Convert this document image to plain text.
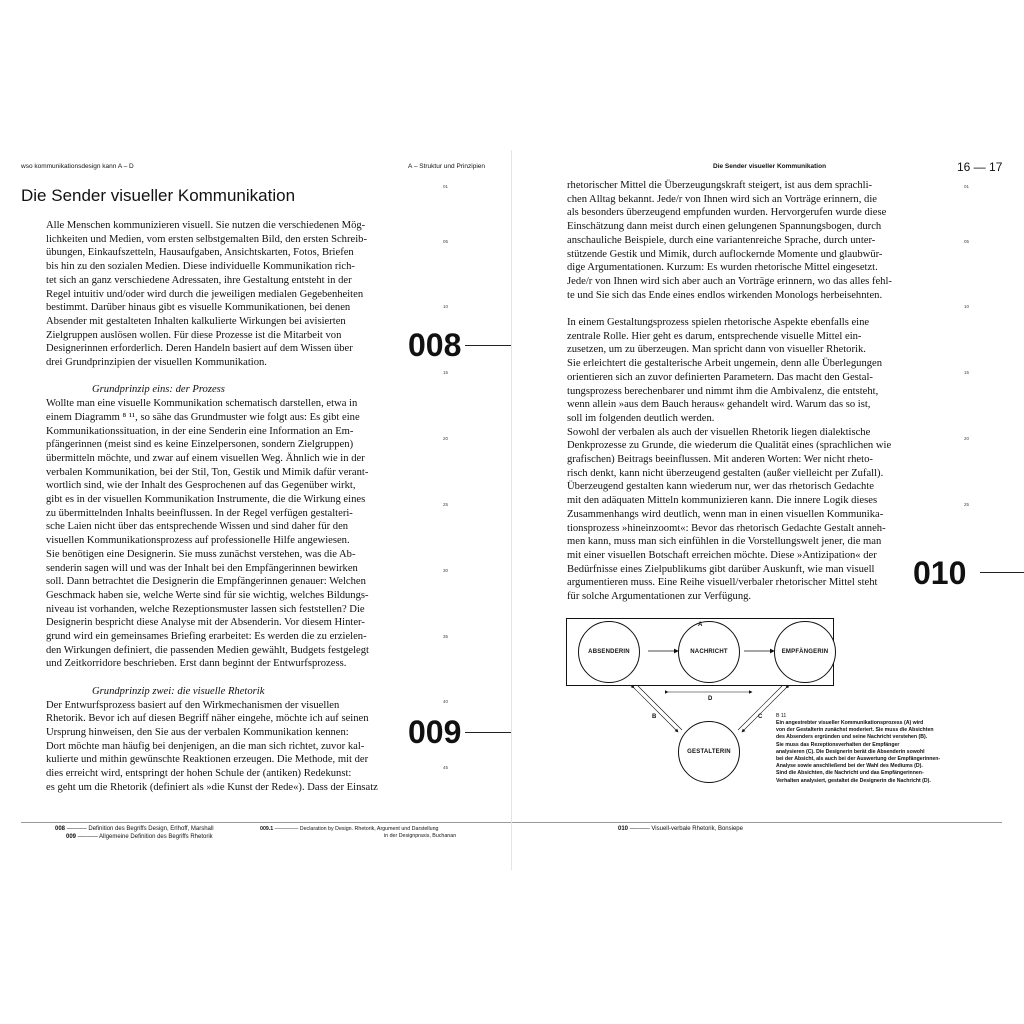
wso kommunikationsdesign kann A – D	A – Struktur und Prinzipien
Die Sender visueller Kommunikation

Alle Menschen kommunizieren visuell. Sie nutzen die verschiedenen Mög-

lichkeiten und Medien, vom ersten selbstgemalten Bild, den ersten Schreib-

übungen, Einkaufszetteln, Hausaufgaben, Ansichtskarten, Fotos, Briefen

bis hin zu den sozialen Medien. Diese individuelle Kommunikation rich-

tet sich an ganz verschiedene Adressaten, ihre Gestaltung entsteht in der

Regel intuitiv und/oder wird durch die jeweiligen medialen Gegebenheiten

bestimmt. Darüber hinaus gibt es visuelle Kommunikationen, bei denen

Absender mit gestalteten Inhalten kalkulierte Wirkungen bei avisierten

Zielgruppen auslösen wollen. Für diese Prozesse ist die Mitarbeit von

Designerinnen erforderlich. Deren Handeln basiert auf dem Wissen über

drei Grundprinzipien der visuellen Kommunikation.

Grundprinzip eins: der Prozess

Wollte man eine visuelle Kommunikation schematisch darstellen, etwa in

einem Diagramm ⁸ ¹¹, so sähe das Grundmuster wie folgt aus: Es gibt eine

Kommunikationssituation, in der eine Senderin eine Information an Em-

pfängerinnen (meist sind es keine Einzelpersonen, sondern Zielgruppen)

übermitteln möchte, und zwar auf einem visuellen Weg. Ähnlich wie in der

verbalen Kommunikation, bei der Stil, Ton, Gestik und Mimik dafür verant-

wortlich sind, wie der Inhalt des Gesprochenen auf das Gegenüber wirkt,

gibt es in der visuellen Kommunikation Instrumente, die die Wirkung eines

zu übermittelnden Inhalts beeinflussen. In der Regel verfügen gestalteri-

sche Laien nicht über das entsprechende Wissen und sind daher für den

visuellen Kommunikationsprozess auf professionelle Hilfe angewiesen.

Sie benötigen eine Designerin. Sie muss zunächst verstehen, was die Ab-

senderin sagen will und was der Inhalt bei den Empfängerinnen bewirken

soll. Dann betrachtet die Designerin die Empfängerinnen genauer: Welchen

Geschmack haben sie, welche Werte sind für sie wichtig, welches Bildungs-

niveau ist vorhanden, welche Rezeptionsmuster lassen sich feststellen? Die

Designerin bespricht diese Analyse mit der Absenderin. Vor diesem Hinter-

grund wird ein gemeinsames Briefing erarbeitet: Es werden die zu erzielen-

den Wirkungen definiert, die passenden Medien gewählt, Budgets festgelegt

und Zeitkorridore beschrieben. Erst dann beginnt der Entwurfsprozess.

Grundprinzip zwei: die visuelle Rhetorik

Der Entwurfsprozess basiert auf den Wirkmechanismen der visuellen

Rhetorik. Bevor ich auf diesen Begriff näher eingehe, möchte ich auf seinen

Ursprung hinweisen, den Sie aus der verbalen Kommunikation kennen:

Dort möchte man häufig bei denjenigen, an die man sich richtet, zuvor kal-

kulierte und mithin gewünschte Reaktionen erzeugen. Die Methode, mit der

dies erreicht wird, entspringt der hohen Schule der (antiken) Redekunst:

es geht um die Rhetorik (definiert als »die Kunst der Rede«). Dass der Einsatz

01
05
10
15
20
25
30
35
40
45
008
009
008 –––––– Definition des Begriffs Design, Erlhoff, Marshall
009 –––––– Allgemeine Definition des Begriffs Rhetorik
009.1 –––––––– Declaration by Design. Rhetorik, Argument und Darstellung
in der Designpraxis, Buchanan
Die Sender visueller Kommunikation	16 — 17

rhetorischer Mittel die Überzeugungskraft steigert, ist aus dem sprachli-

chen Alltag bekannt. Jede/r von Ihnen wird sich an Vorträge erinnern, die

als besonders überzeugend empfunden wurden. Hervorgerufen wurde diese

Einschätzung dann meist durch einen gelungenen Spannungsbogen, durch

anschauliche Beispiele, durch eine variantenreiche Sprache, durch unter-

stützende Gestik und Mimik, durch auflockernde Momente und glaubwür-

dige Argumentationen. Kurzum: Es wurden rhetorische Mittel eingesetzt.

Jede/r von Ihnen wird sich aber auch an Vorträge erinnern, wo das alles fehl-

te und Sie sich das Ende eines endlos wirkenden Monologs herbeisehnten.

In einem Gestaltungsprozess spielen rhetorische Aspekte ebenfalls eine

zentrale Rolle. Hier geht es darum, entsprechende visuelle Mittel ein-

zusetzen, um zu überzeugen. Man spricht dann von visueller Rhetorik.

Sie erleichtert die gestalterische Arbeit ungemein, denn alle Überlegungen

orientieren sich an zuvor definierten Parametern. Das macht den Gestal-

tungsprozess berechenbarer und nimmt ihm die Ambivalenz, die entsteht,

wenn allein »aus dem Bauch heraus« gehandelt wird. Warum das so ist,

soll im folgenden deutlich werden.

Sowohl der verbalen als auch der visuellen Rhetorik liegen dialektische

Denkprozesse zu Grunde, die wiederum die Qualität eines (sprachlichen wie

grafischen) Beitrags beeinflussen. Mit anderen Worten: Wer nicht rheto-

risch denkt, kann nicht überzeugend gestalten (außer vielleicht per Zufall).

Überzeugend gestalten kann wiederum nur, wer das rhetorisch Gedachte

mit den adäquaten Mitteln kommunizieren kann. Die innere Logik dieses

Zusammenhangs wird deutlich, wenn man in einen visuellen Kommunika-

tionsprozess »hineinzoomt«: Bevor das rhetorisch Gedachte Gestalt anneh-

men kann, muss man sich einfühlen in die Vorstellungswelt jener, die man

mit einer visuellen Botschaft erreichen möchte. Diese »Antizipation« der

Bedürfnisse eines Zielpublikums gibt darüber Auskunft, wie man visuell

argumentieren muss. Eine Reihe visuell/verbaler rhetorischer Mittel steht

für solche Argumentationen zur Verfügung.

01
05
10
15
20
25
010
ABSENDERIN	NACHRICHT	EMPFÄNGERIN
GESTALTERIN
A
B	C
D
B 11

Ein angestrebter visueller Kommunikationsprozess (A) wird

von der Gestalterin zunächst moderiert. Sie muss die Absichten

des Absenders ergründen und seine Nachricht verstehen (B).

Sie muss das Rezeptionsverhalten der Empfänger

analysieren (C). Die Designerin berät die Absenderin sowohl

bei der Absicht, als auch bei der Auswertung der Empfängerinnen-

Analyse sowie anschließend bei der Wahl des Mediums (D).

Sind die Absichten, die Nachricht und das Empfängerinnen-

Verhalten analysiert, gestaltet die Designerin die Nachricht (D).

010 –––––– Visuell-verbale Rhetorik, Bonsiepe
